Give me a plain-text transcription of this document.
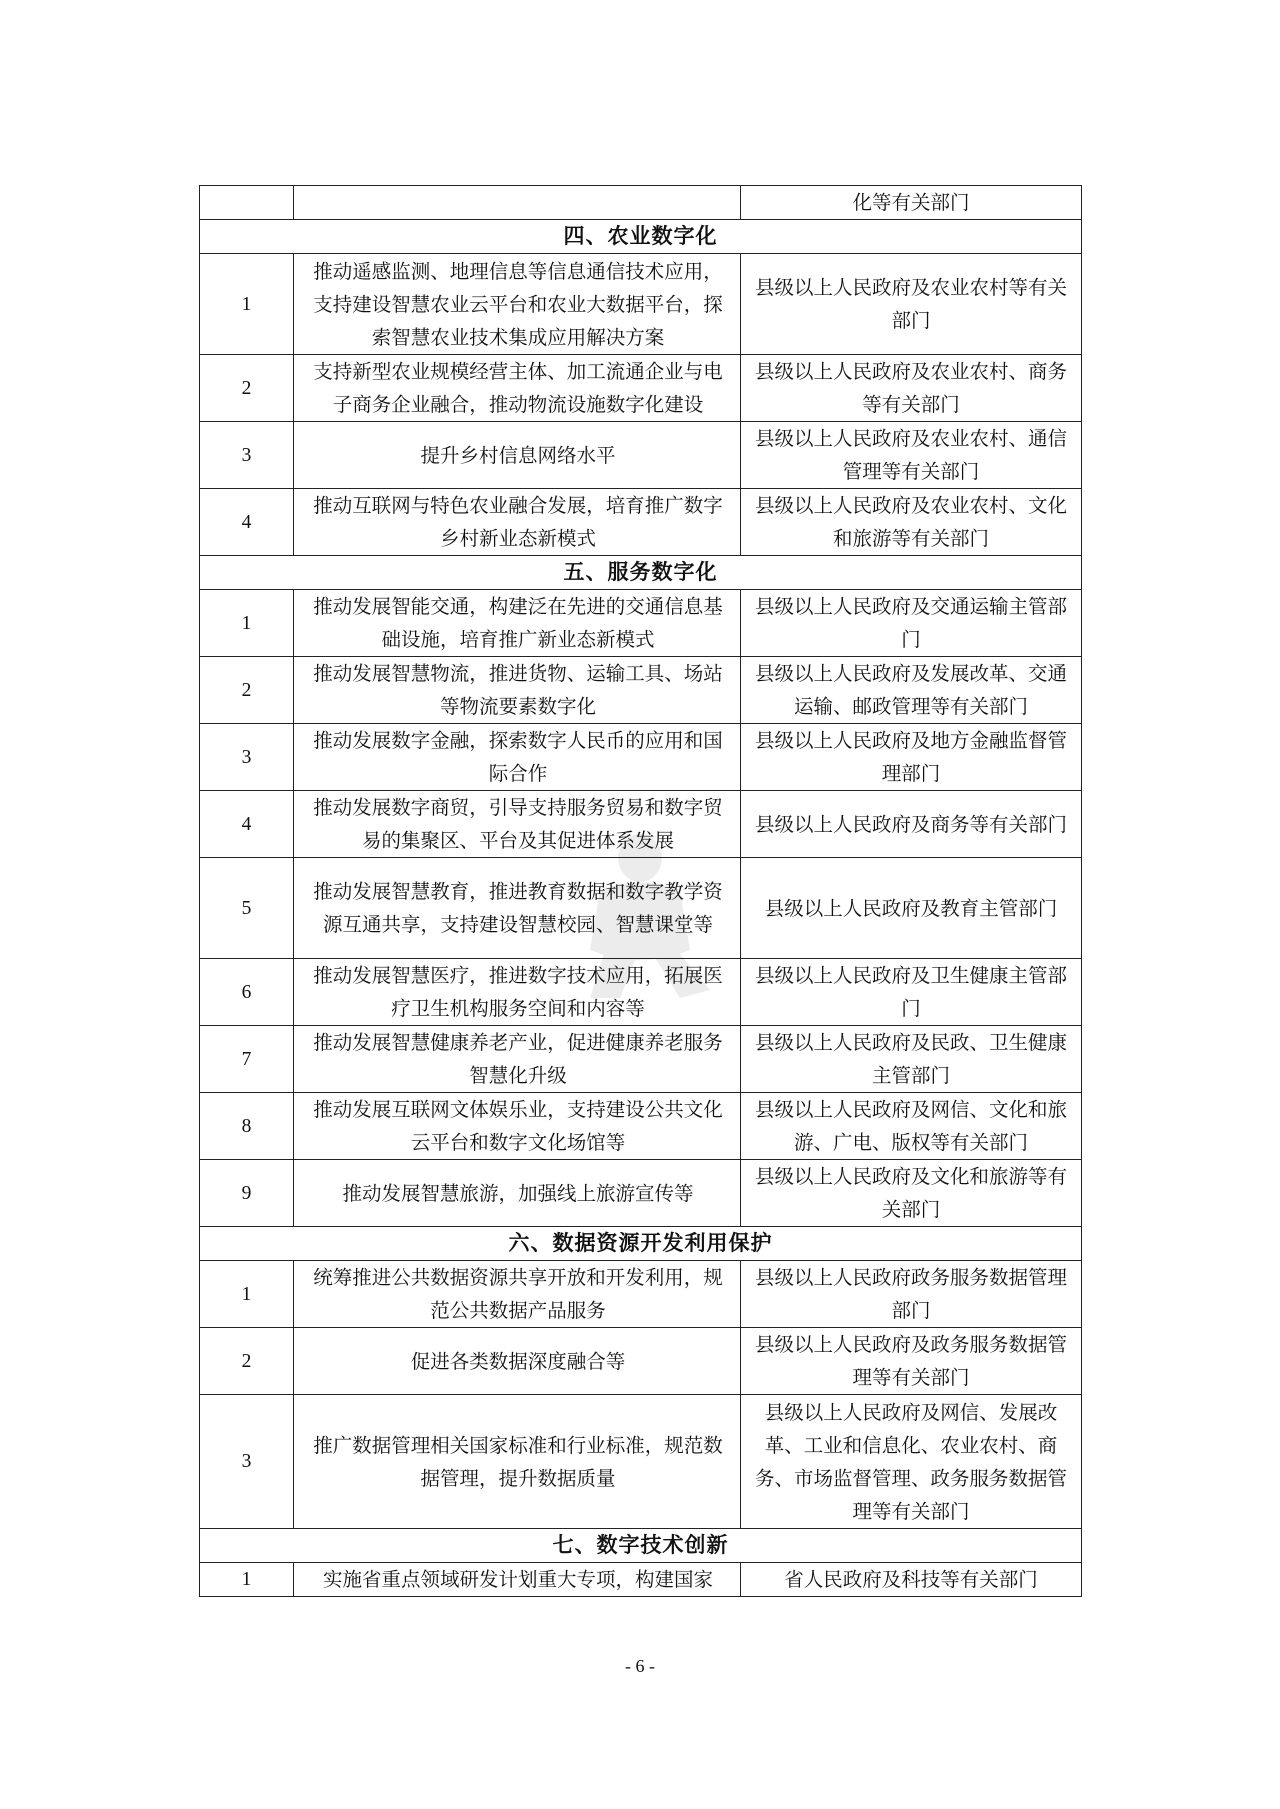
		化等有关部门
四、农业数字化		
1	推动遥感监测、地理信息等信息通信技术应用，支持建设智慧农业云平台和农业大数据平台，探索智慧农业技术集成应用解决方案	县级以上人民政府及农业农村等有关部门
2	支持新型农业规模经营主体、加工流通企业与电子商务企业融合，推动物流设施数字化建设	县级以上人民政府及农业农村、商务等有关部门
3	提升乡村信息网络水平	县级以上人民政府及农业农村、通信管理等有关部门
4	推动互联网与特色农业融合发展，培育推广数字乡村新业态新模式	县级以上人民政府及农业农村、文化和旅游等有关部门
五、服务数字化		
1	推动发展智能交通，构建泛在先进的交通信息基础设施，培育推广新业态新模式	县级以上人民政府及交通运输主管部门
2	推动发展智慧物流，推进货物、运输工具、场站等物流要素数字化	县级以上人民政府及发展改革、交通运输、邮政管理等有关部门
3	推动发展数字金融，探索数字人民币的应用和国际合作	县级以上人民政府及地方金融监督管理部门
4	推动发展数字商贸，引导支持服务贸易和数字贸易的集聚区、平台及其促进体系发展	县级以上人民政府及商务等有关部门
5	推动发展智慧教育，推进教育数据和数字教学资源互通共享，支持建设智慧校园、智慧课堂等	县级以上人民政府及教育主管部门
6	推动发展智慧医疗，推进数字技术应用，拓展医疗卫生机构服务空间和内容等	县级以上人民政府及卫生健康主管部门
7	推动发展智慧健康养老产业，促进健康养老服务智慧化升级	县级以上人民政府及民政、卫生健康主管部门
8	推动发展互联网文体娱乐业，支持建设公共文化云平台和数字文化场馆等	县级以上人民政府及网信、文化和旅游、广电、版权等有关部门
9	推动发展智慧旅游，加强线上旅游宣传等	县级以上人民政府及文化和旅游等有关部门
六、数据资源开发利用保护		
1	统筹推进公共数据资源共享开放和开发利用，规范公共数据产品服务	县级以上人民政府政务服务数据管理部门
2	促进各类数据深度融合等	县级以上人民政府及政务服务数据管理等有关部门
3	推广数据管理相关国家标准和行业标准，规范数据管理，提升数据质量	县级以上人民政府及网信、发展改革、工业和信息化、农业农村、商务、市场监督管理、政务服务数据管理等有关部门
七、数字技术创新		
1	实施省重点领域研发计划重大专项，构建国家	省人民政府及科技等有关部门
- 6 -
